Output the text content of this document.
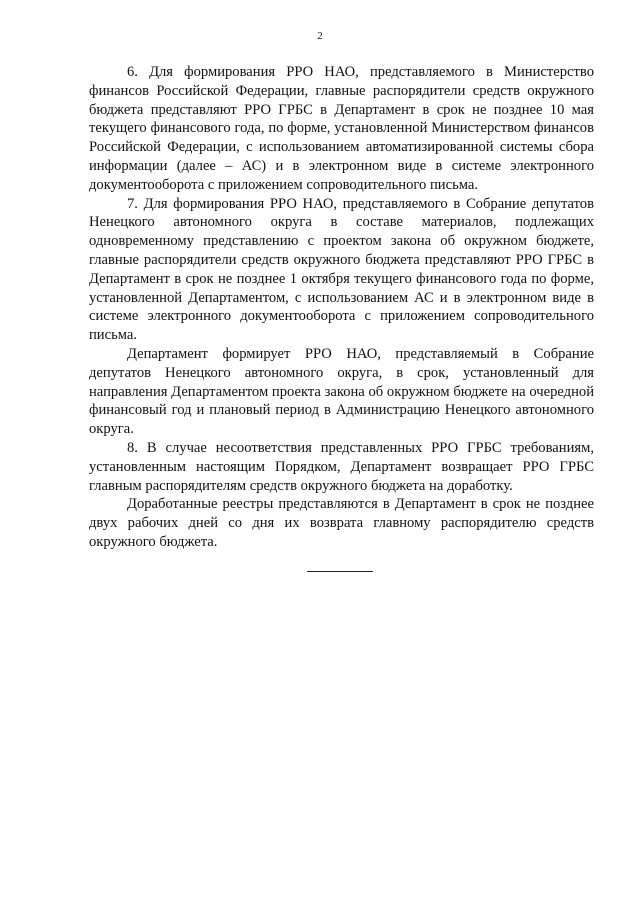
2

6. Для формирования РРО НАО, представляемого в Министерство финансов Российской Федерации, главные распорядители средств окружного бюджета представляют РРО ГРБС в Департамент в срок не позднее 10 мая текущего финансового года, по форме, установленной Министерством финансов Российской Федерации, с использованием автоматизированной системы сбора информации (далее – АС) и в электронном виде в системе электронного документооборота с приложением сопроводительного письма.

7. Для формирования РРО НАО, представляемого в Собрание депутатов Ненецкого автономного округа в составе материалов, подлежащих одновременному представлению с проектом закона об окружном бюджете, главные распорядители средств окружного бюджета представляют РРО ГРБС в Департамент в срок не позднее 1 октября текущего финансового года по форме, установленной Департаментом, с использованием АС и в электронном виде в системе электронного документооборота с приложением сопроводительного письма.

Департамент формирует РРО НАО, представляемый в Собрание депутатов Ненецкого автономного округа, в срок, установленный для направления Департаментом проекта закона об окружном бюджете на очередной финансовый год и плановый период в Администрацию Ненецкого автономного округа.

8. В случае несоответствия представленных РРО ГРБС требованиям, установленным настоящим Порядком, Департамент возвращает РРО ГРБС главным распорядителям средств окружного бюджета на доработку.

Доработанные реестры представляются в Департамент в срок не позднее двух рабочих дней со дня их возврата главному распорядителю средств окружного бюджета.
